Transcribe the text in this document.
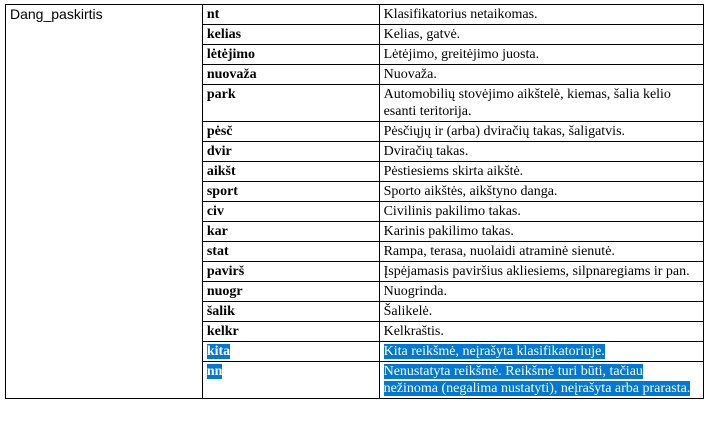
Dang_paskirtis	nt	Klasifikatorius netaikomas.
	kelias	Kelias, gatvė.
	lėtėjimo	Lėtėjimo, greitėjimo juosta.
	nuovaža	Nuovaža.
	park	Automobilių stovėjimo aikštelė, kiemas, šalia kelio esanti teritorija.
	pėsč	Pėsčiųjų ir (arba) dviračių takas, šaligatvis.
	dvir	Dviračių takas.
	aikšt	Pėstiesiems skirta aikštė.
	sport	Sporto aikštės, aikštyno danga.
	civ	Civilinis pakilimo takas.
	kar	Karinis pakilimo takas.
	stat	Rampa, terasa, nuolaidi atraminė sienutė.
	pavirš	Įspėjamasis paviršius akliesiems, silpnaregiams ir pan.
	nuogr	Nuogrinda.
	šalik	Šalikelė.
	kelkr	Kelkraštis.
	kita	Kita reikšmė, neįrašyta klasifikatoriuje.
	nn	Nenustatyta reikšmė. Reikšmė turi būti, tačiau nežinoma (negalima nustatyti), neįrašyta arba prarasta.
